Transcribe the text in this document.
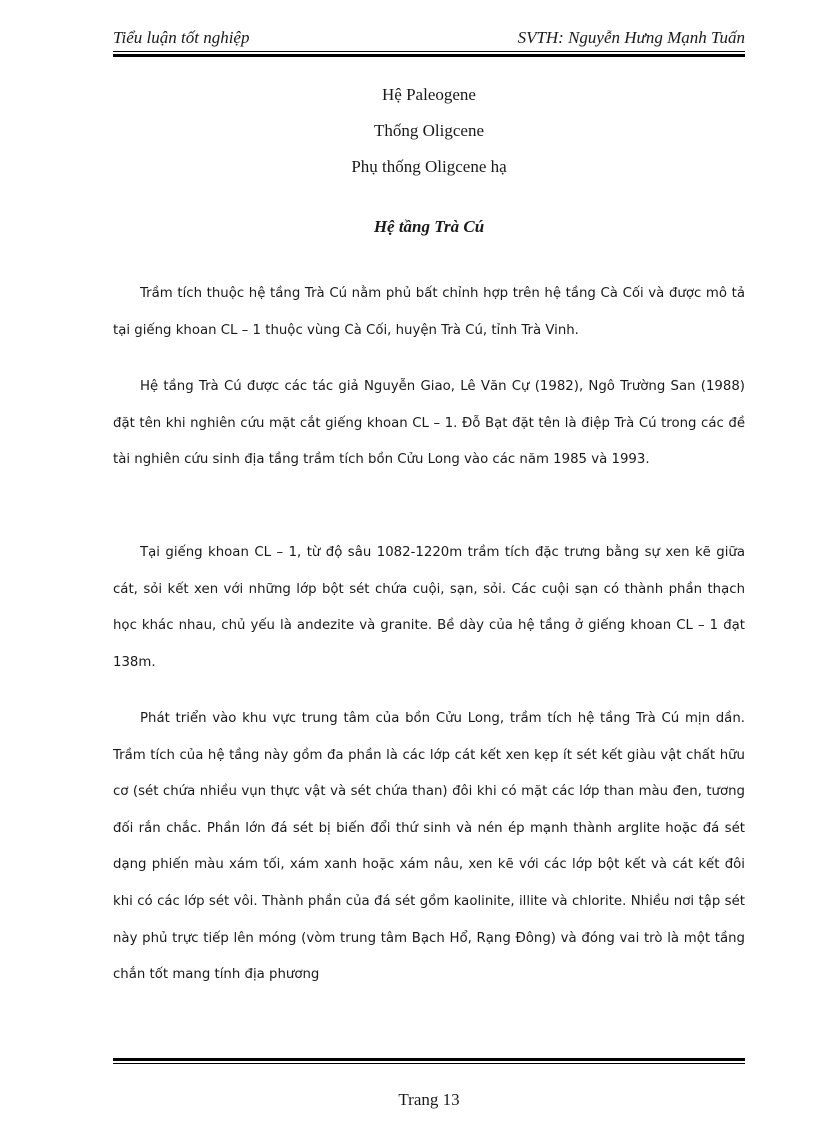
Tiểu luận tốt nghiệp	SVTH: Nguyễn Hưng Mạnh Tuấn
Hệ Paleogene
Thống Oligcene
Phụ thống Oligcene hạ
Hệ tầng Trà Cú

Trầm tích thuộc hệ tầng Trà Cú nằm phủ bất chỉnh hợp trên hệ tầng Cà Cối và được mô tả tại giếng khoan CL – 1 thuộc vùng Cà Cối, huyện Trà Cú, tỉnh Trà Vinh.

Hệ tầng Trà Cú được các tác giả Nguyễn Giao, Lê Văn Cự (1982), Ngô Trường San (1988) đặt tên khi nghiên cứu mặt cắt giếng khoan CL – 1. Đỗ Bạt đặt tên là điệp Trà Cú trong các đề tài nghiên cứu sinh địa tầng trầm tích bồn Cửu Long vào các năm 1985 và 1993.

Tại giếng khoan CL – 1, từ độ sâu 1082-1220m trầm tích đặc trưng bằng sự xen kẽ giữa cát, sỏi kết xen với những lớp bột sét chứa cuội, sạn, sỏi. Các cuội sạn có thành phần thạch học khác nhau, chủ yếu là andezite và granite. Bề dày của hệ tầng ở giếng khoan CL – 1 đạt 138m.

Phát triển vào khu vực trung tâm của bồn Cửu Long, trầm tích hệ tầng Trà Cú mịn dần. Trầm tích của hệ tầng này gồm đa phần là các lớp cát kết xen kẹp ít sét kết giàu vật chất hữu cơ (sét chứa nhiều vụn thực vật và sét chứa than) đôi khi có mặt các lớp than màu đen, tương đối rắn chắc. Phần lớn đá sét bị biến đổi thứ sinh và nén ép mạnh thành arglite hoặc đá sét dạng phiến màu xám tối, xám xanh hoặc xám nâu, xen kẽ với các lớp bột kết và cát kết đôi khi có các lớp sét vôi. Thành phần của đá sét gồm kaolinite, illite và chlorite. Nhiều nơi tập sét này phủ trực tiếp lên móng (vòm trung tâm Bạch Hổ, Rạng Đông) và đóng vai trò là một tầng chắn tốt mang tính địa phương

Trang 13
